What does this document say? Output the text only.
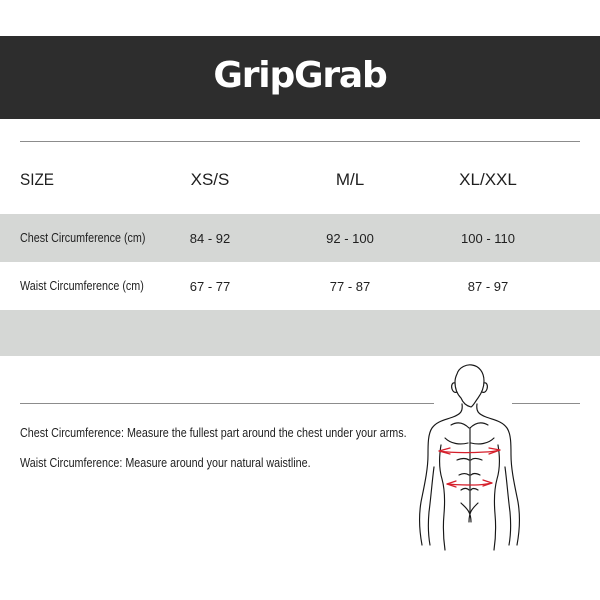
GripGrab
SIZE	XS/S	M/L	XL/XXL
Chest Circumference (cm)	84 - 92	92 - 100	100 - 110
Waist Circumference (cm)	67 - 77	77 - 87	87 - 97
Chest Circumference: Measure the fullest part around the chest under your arms.
Waist Circumference: Measure around your natural waistline.
